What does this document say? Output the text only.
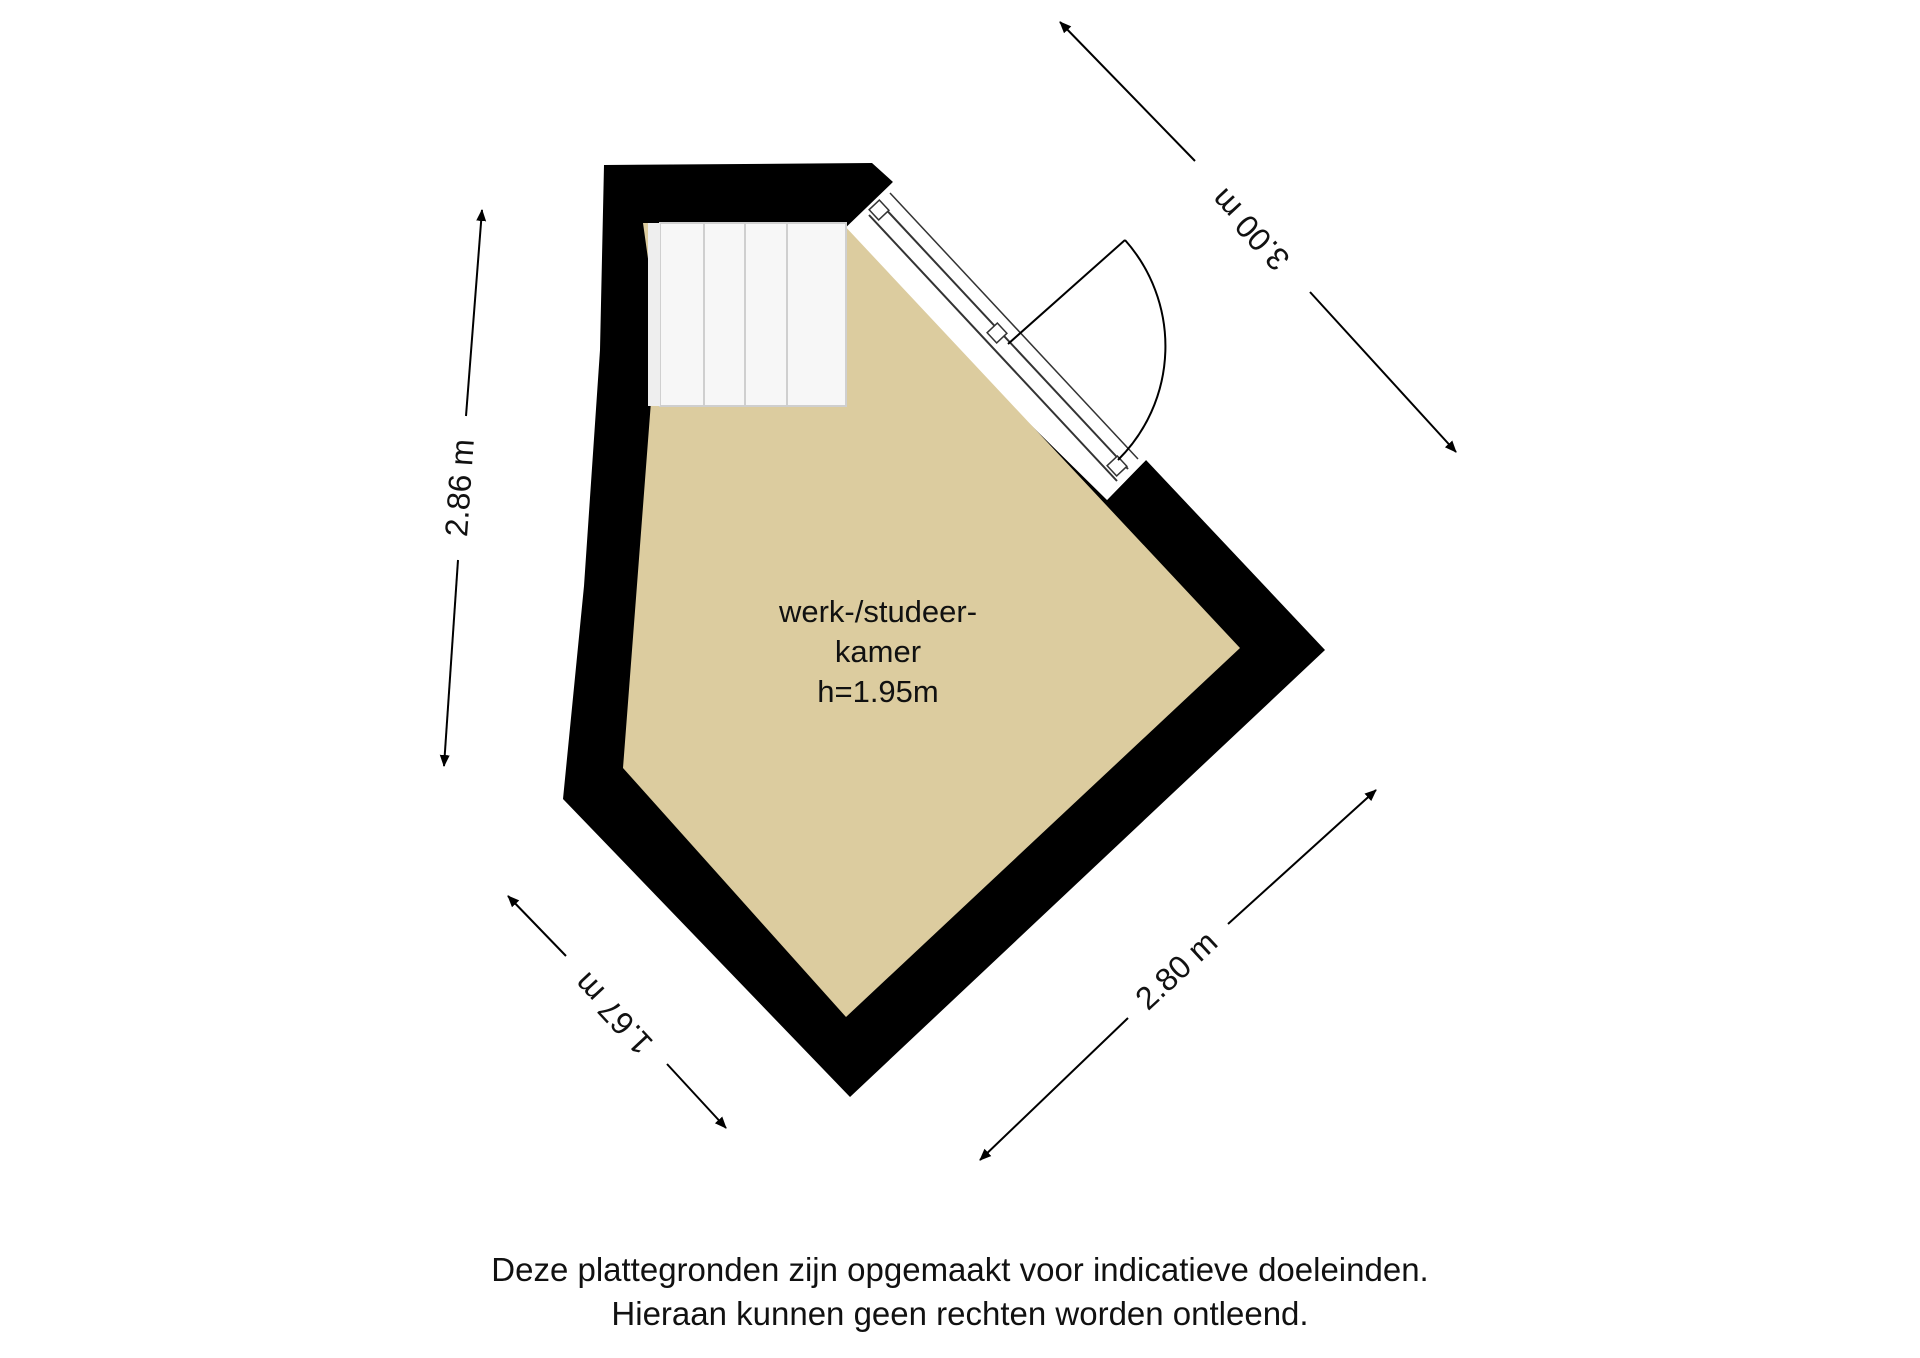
werk-/studeer-
kamer
h=1.95m
3.00 m
2.86 m
1.67 m	2.80 m
Deze plattegronden zijn opgemaakt voor indicatieve doeleinden.
Hieraan kunnen geen rechten worden ontleend.
